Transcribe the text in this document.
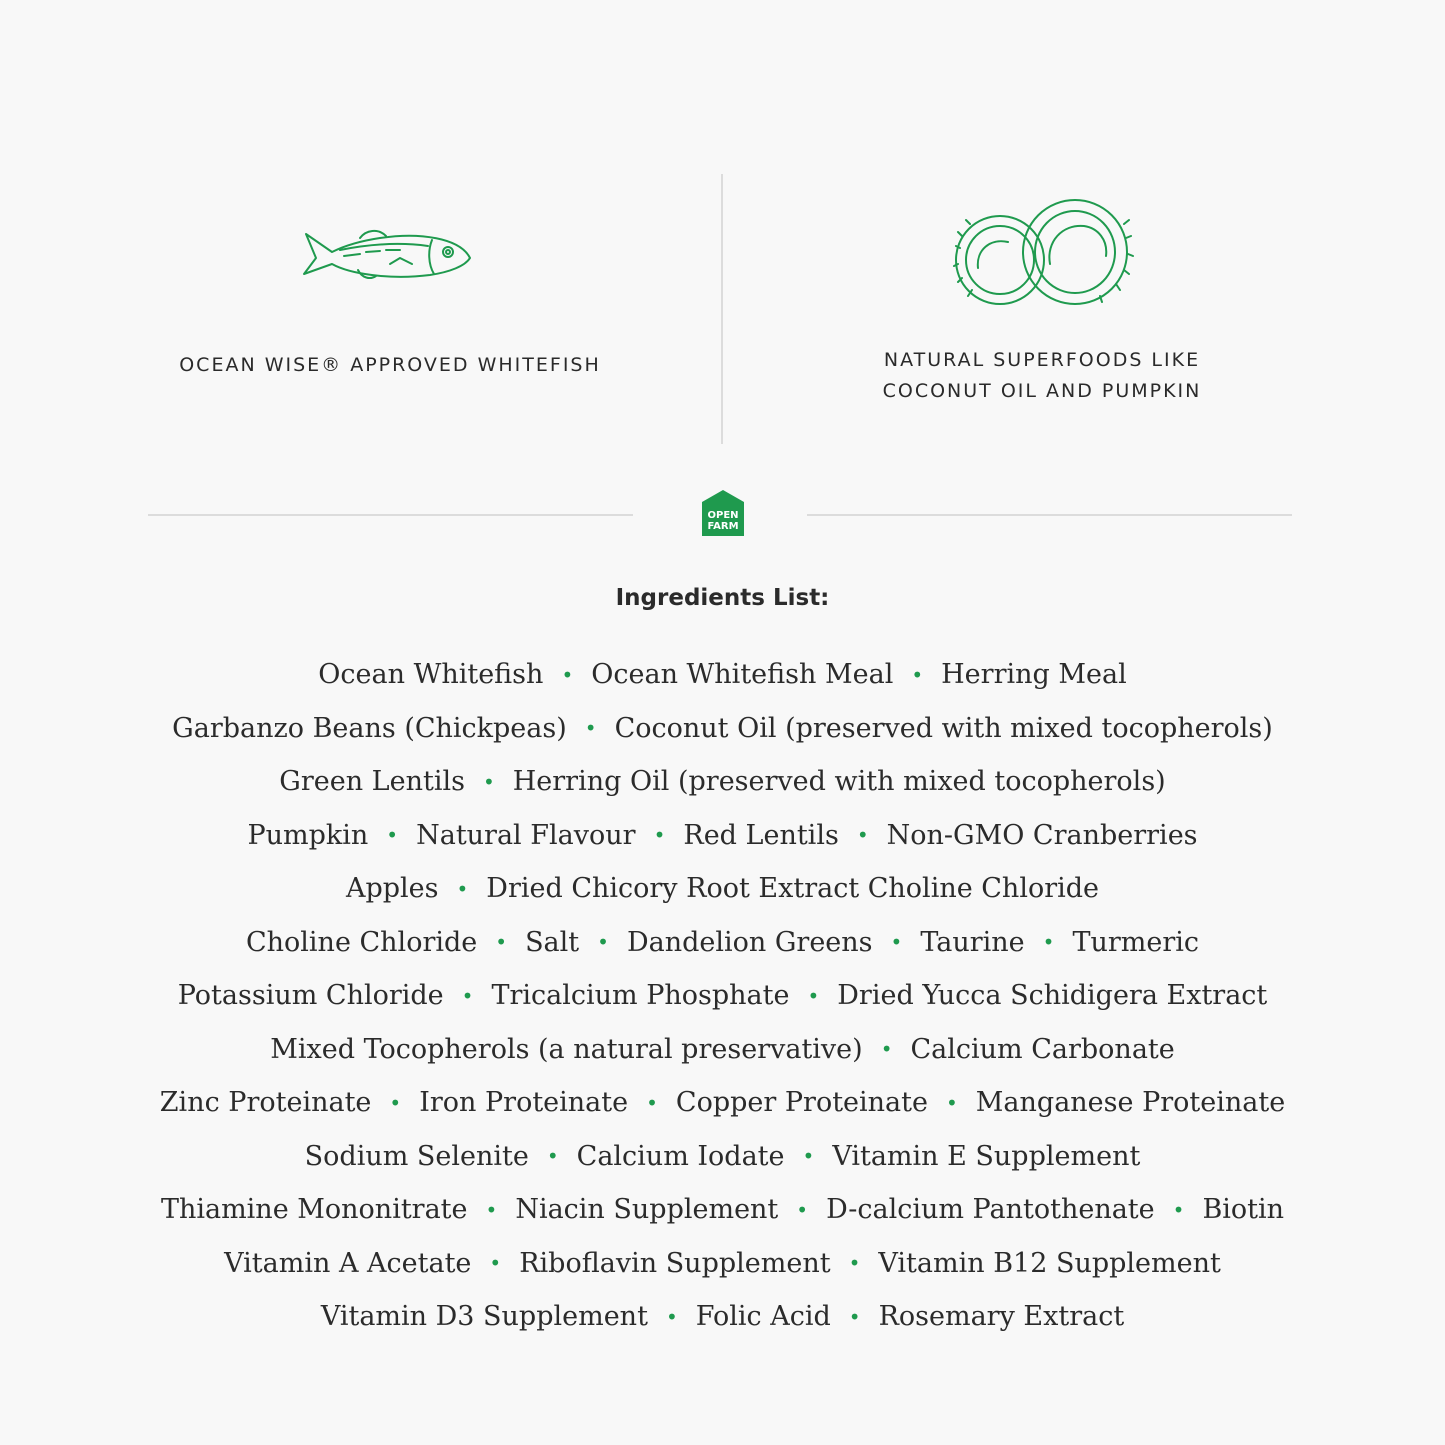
OCEAN WISE® APPROVED WHITEFISH	NATURAL SUPERFOODS LIKE
COCONUT OIL AND PUMPKIN
OPEN
FARM
Ingredients List:
Ocean Whitefish • Ocean Whitefish Meal • Herring Meal
Garbanzo Beans (Chickpeas) • Coconut Oil (preserved with mixed tocopherols)
Green Lentils • Herring Oil (preserved with mixed tocopherols)
Pumpkin • Natural Flavour • Red Lentils • Non-GMO Cranberries
Apples • Dried Chicory Root Extract Choline Chloride
Choline Chloride • Salt • Dandelion Greens • Taurine • Turmeric
Potassium Chloride • Tricalcium Phosphate • Dried Yucca Schidigera Extract
Mixed Tocopherols (a natural preservative) • Calcium Carbonate
Zinc Proteinate • Iron Proteinate • Copper Proteinate • Manganese Proteinate
Sodium Selenite • Calcium Iodate • Vitamin E Supplement
Thiamine Mononitrate • Niacin Supplement • D-calcium Pantothenate • Biotin
Vitamin A Acetate • Riboflavin Supplement • Vitamin B12 Supplement
Vitamin D3 Supplement • Folic Acid • Rosemary Extract
